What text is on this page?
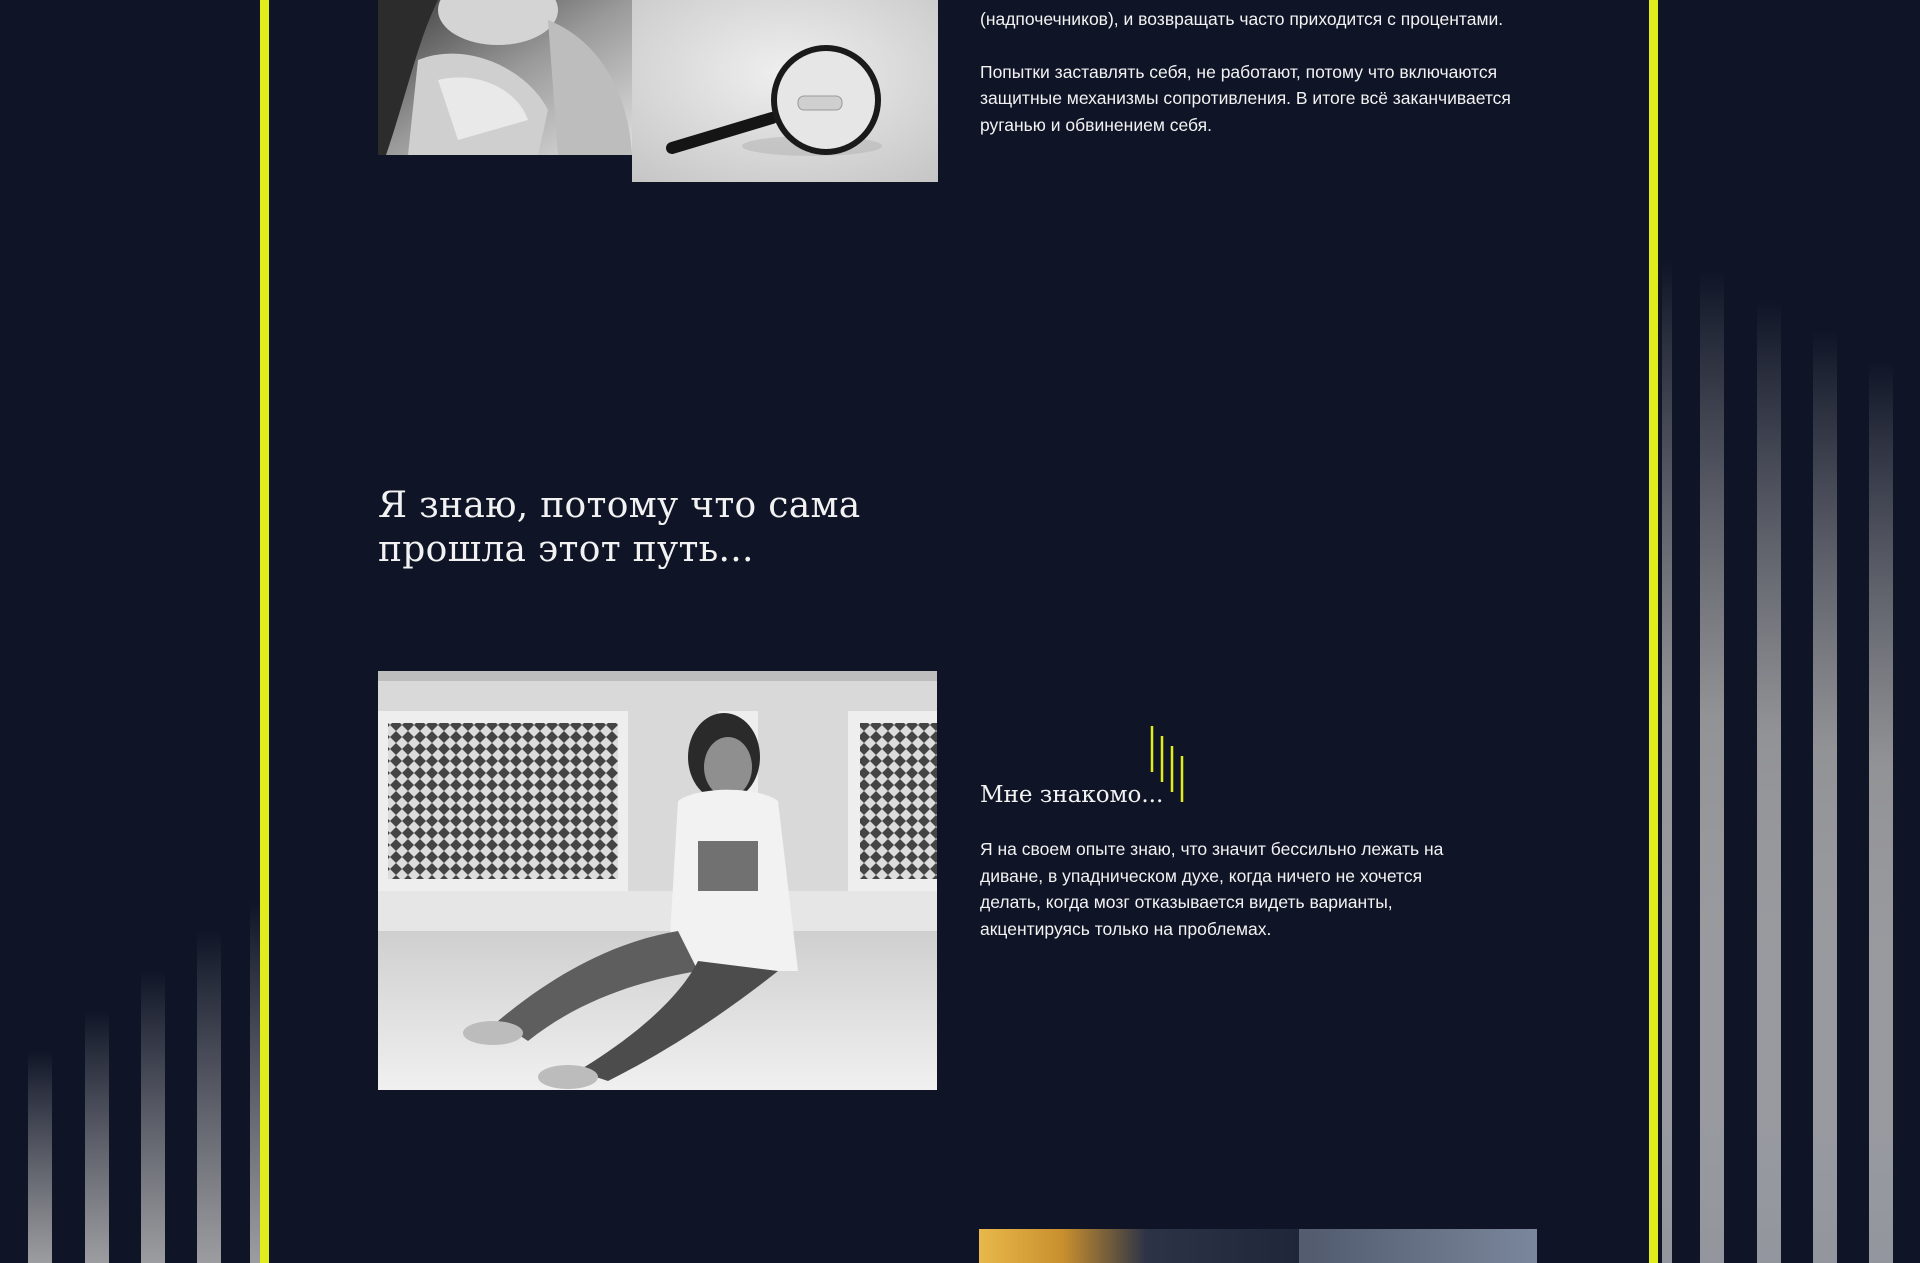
(надпочечников), и возвращать часто приходится с процентами.

Попытки заставлять себя, не работают, потому что включаются защитные механизмы сопротивления. В итоге всё заканчивается руганью и обвинением себя.

Я знаю, потому что сама прошла этот путь...
Мне знакомо...

Я на своем опыте знаю, что значит бессильно лежать на диване, в упадническом духе, когда ничего не хочется делать, когда мозг отказывается видеть варианты, акцентируясь только на проблемах.
